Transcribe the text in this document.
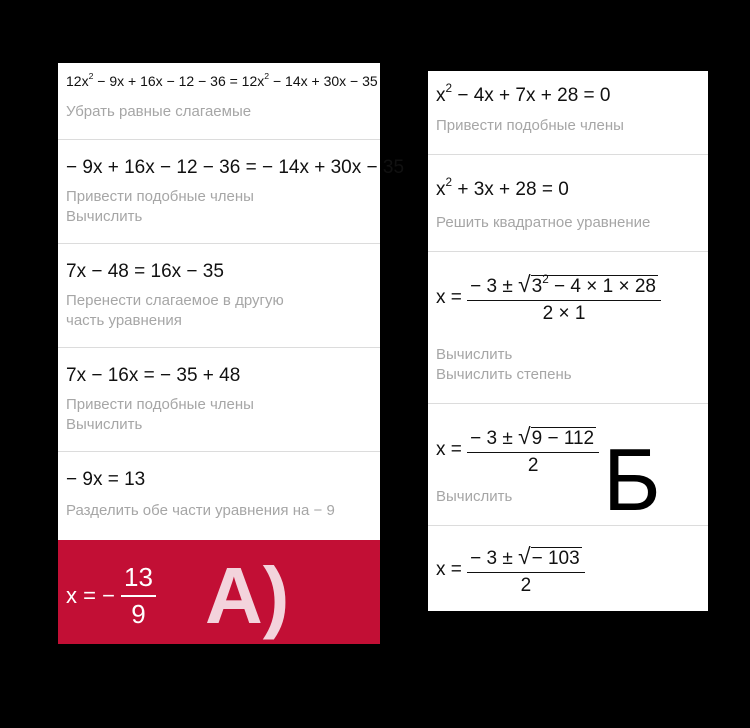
$12x^2 - 9x + 16x - 12 - 36 = 12x^2 - 14x + 30x - 35$
Убрать равные слагаемые
− 9x + 16x − 12 − 36 = − 14x + 30x − 35
Привести подобные члены
Вычислить
7x − 48 = 16x − 35
Перенести слагаемое в другую
часть уравнения
7x − 16x = − 35 + 48
Привести подобные члены
Вычислить
− 9x = 13
Разделить обе части уравнения на − 9
x = − $\frac{13}{9} А$)
$x^2 - 4x + 7x + 28 = 0$
Привести подобные члены
$x^2 + 3x + 28 = 0$
Решить квадратное уравнение
$x = \frac{- 3 \pm √3^2 - 4 \times 1 \times 28}{2 \times 1}$
Вычислить
Вычислить степень
$x = \frac{- 3 \pm √9 - 112}{2}$
Вычислить
$x = \frac{- 3 \pm √- 103}{2}$
Б
